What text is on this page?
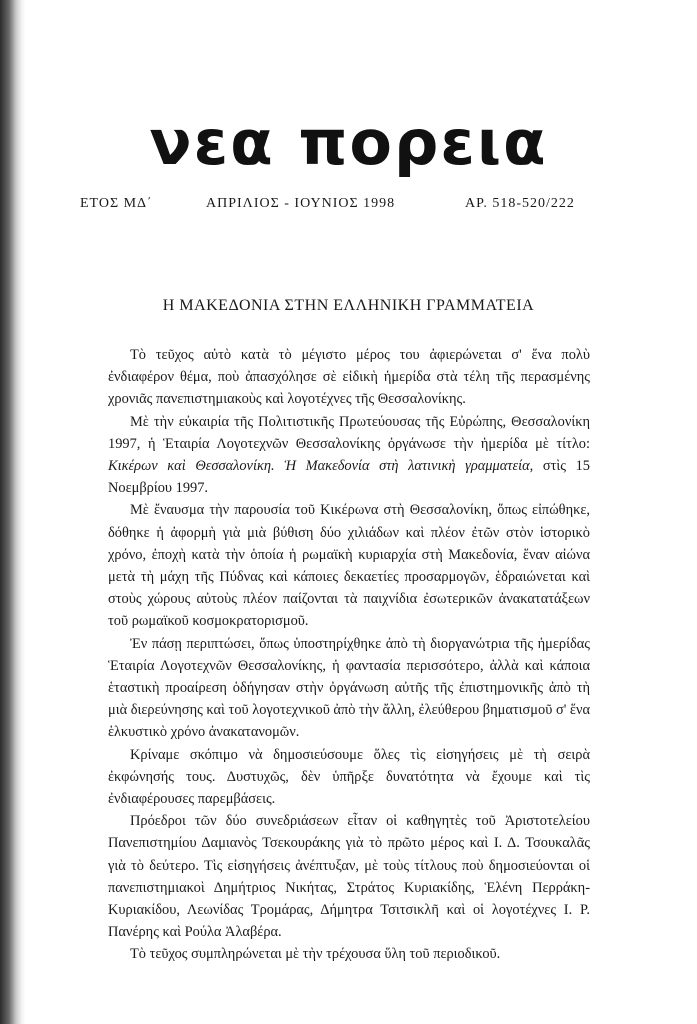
νεα πορεια
ΕΤΟΣ ΜΔ΄	ΑΠΡΙΛΙΟΣ - ΙΟΥΝΙΟΣ 1998	ΑΡ. 518-520/222
Η ΜΑΚΕΔΟΝΙΑ ΣΤΗΝ ΕΛΛΗΝΙΚΗ ΓΡΑΜΜΑΤΕΙΑ

Τὸ τεῦχος αὐτὸ κατὰ τὸ μέγιστο μέρος του ἀφιερώνεται σ' ἕνα πολὺ ἐνδιαφέρον θέμα, ποὺ ἀπασχόλησε σὲ εἰδικὴ ἡμερίδα στὰ τέλη τῆς περασμένης χρονιᾶς πανεπιστημιακοὺς καὶ λογοτέχνες τῆς Θεσσαλονίκης.

Μὲ τὴν εὐκαιρία τῆς Πολιτιστικῆς Πρωτεύουσας τῆς Εὐρώπης, Θεσσαλονίκη 1997, ἡ Ἑταιρία Λογοτεχνῶν Θεσσαλονίκης ὀργάνωσε τὴν ἡμερίδα μὲ τίτλο: Κικέρων καὶ Θεσσαλονίκη. Ἡ Μακεδονία στὴ λατινικὴ γραμματεία, στὶς 15 Νοεμβρίου 1997.

Μὲ ἔναυσμα τὴν παρουσία τοῦ Κικέρωνα στὴ Θεσσαλονίκη, ὅπως εἰπώθηκε, δόθηκε ἡ ἀφορμὴ γιὰ μιὰ βύθιση δύο χιλιάδων καὶ πλέον ἐτῶν στὸν ἱστορικὸ χρόνο, ἐποχὴ κατὰ τὴν ὁποία ἡ ρωμαϊκὴ κυριαρχία στὴ Μακεδονία, ἕναν αἰώνα μετὰ τὴ μάχη τῆς Πύδνας καὶ κάποιες δεκαετίες προσαρμογῶν, ἑδραιώνεται καὶ στοὺς χώρους αὐτοὺς πλέον παίζονται τὰ παιχνίδια ἐσωτερικῶν ἀνακατατάξεων τοῦ ρωμαϊκοῦ κοσμοκρατορισμοῦ.

Ἐν πάσῃ περιπτώσει, ὅπως ὑποστηρίχθηκε ἀπὸ τὴ διοργανώτρια τῆς ἡμερίδας Ἑταιρία Λογοτεχνῶν Θεσσαλονίκης, ἡ φαντασία περισσότερο, ἀλλὰ καὶ κάποια ἑταστικὴ προαίρεση ὁδήγησαν στὴν ὀργάνωση αὐτῆς τῆς ἐπιστημονικῆς ἀπὸ τὴ μιὰ διερεύνησης καὶ τοῦ λογοτεχνικοῦ ἀπὸ τὴν ἄλλη, ἐλεύθερου βηματισμοῦ σ' ἕνα ἑλκυστικὸ χρόνο ἀνακατανομῶν.

Κρίναμε σκόπιμο νὰ δημοσιεύσουμε ὅλες τὶς εἰσηγήσεις μὲ τὴ σειρὰ ἐκφώνησής τους. Δυστυχῶς, δὲν ὑπῆρξε δυνατότητα νὰ ἔχουμε καὶ τὶς ἐνδιαφέρουσες παρεμβάσεις.

Πρόεδροι τῶν δύο συνεδριάσεων εἶταν οἱ καθηγητὲς τοῦ Ἀριστοτελείου Πανεπιστημίου Δαμιανὸς Τσεκουράκης γιὰ τὸ πρῶτο μέρος καὶ Ι. Δ. Τσουκαλᾶς γιὰ τὸ δεύτερο. Τὶς εἰσηγήσεις ἀνέπτυξαν, μὲ τοὺς τίτλους ποὺ δημοσιεύονται οἱ πανεπιστημιακοὶ Δημήτριος Νικήτας, Στράτος Κυριακίδης, Ἑλένη Περράκη-Κυριακίδου, Λεωνίδας Τρομάρας, Δήμητρα Τσιτσικλῆ καὶ οἱ λογοτέχνες Ι. Ρ. Πανέρης καὶ Ρούλα Ἀλαβέρα.

Τὸ τεῦχος συμπληρώνεται μὲ τὴν τρέχουσα ὕλη τοῦ περιοδικοῦ.
